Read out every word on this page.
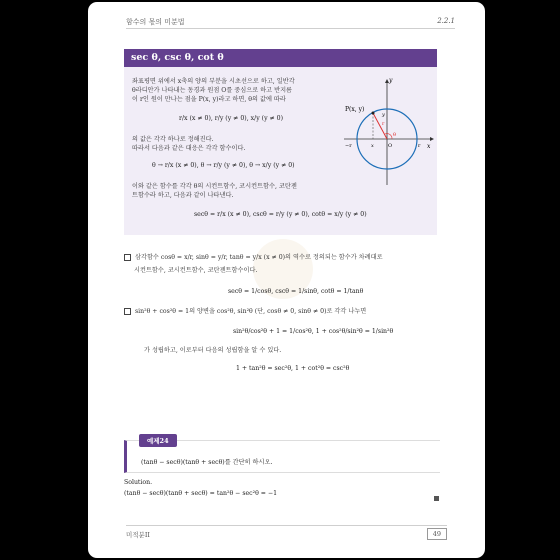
함수의 몫의 미분법	2.2.1
sec θ, csc θ, cot θ
좌표평면 위에서 x축의 양의 부분을 시초선으로 하고, 일반각
θ라디안가 나타내는 동경과 원점 O를 중심으로 하고 반지름
이 r인 원이 만나는 점을 P(x, y)라고 하면, θ의 값에 따라
r/x (x ≠ 0), r/y (y ≠ 0), x/y (y ≠ 0)
의 값은 각각 하나로 정해진다.
따라서 다음과 같은 대응은 각각 함수이다.
θ → r/x (x ≠ 0), θ → r/y (y ≠ 0), θ → x/y (y ≠ 0)
이와 같은 함수를 각각 θ의 시컨트함수, 코시컨트함수, 코탄젠
트함수라 하고, 다음과 같이 나타낸다.
secθ = r/x (x ≠ 0), cscθ = r/y (y ≠ 0), cotθ = x/y (y ≠ 0)
y
x
P(x, y)
r
θ
O
−r	x	r
y
삼각함수 cosθ = x/r, sinθ = y/r, tanθ = y/x (x ≠ 0)의 역수로 정의되는 함수가 차례대로
시컨트함수, 코시컨트함수, 코탄젠트함수이다.
secθ = 1/cosθ, cscθ = 1/sinθ, cotθ = 1/tanθ
sin²θ + cos²θ = 1의 양변을 cos²θ, sin²θ (단, cosθ ≠ 0, sinθ ≠ 0)로 각각 나누면
sin²θ/cos²θ + 1 = 1/cos²θ, 1 + cos²θ/sin²θ = 1/sin²θ
가 성립하고, 이로부터 다음의 성립함을 알 수 있다.
1 + tan²θ = sec²θ, 1 + cot²θ = csc²θ
예제24
(tanθ − secθ)(tanθ + secθ)를 간단히 하시오.
Solution.
(tanθ − secθ)(tanθ + secθ) = tan²θ − sec²θ = −1
미적분II	49
